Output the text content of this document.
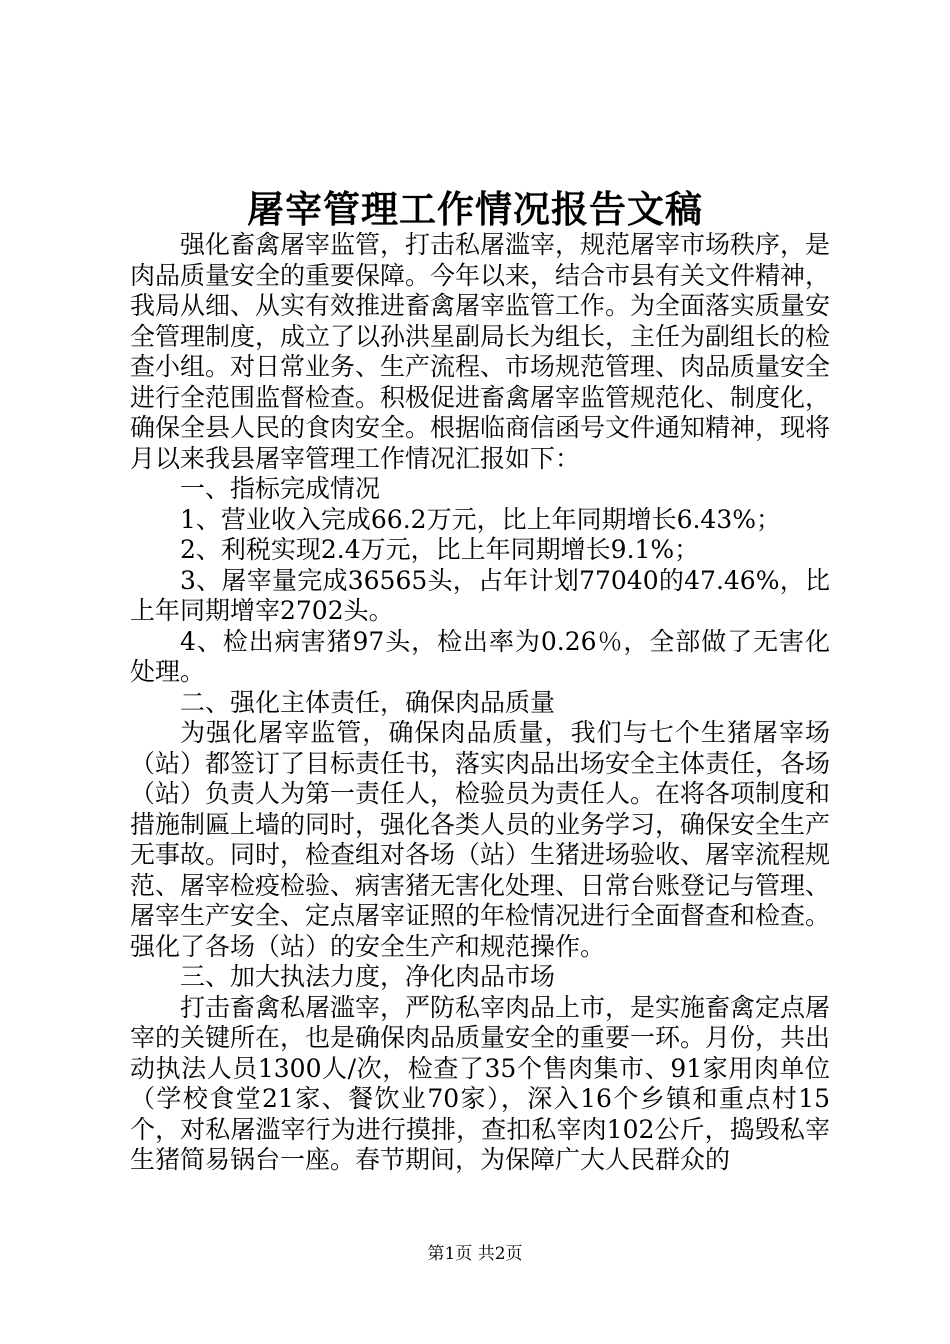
屠宰管理工作情况报告文稿

强化畜禽屠宰监管，打击私屠滥宰，规范屠宰市场秩序，是肉品质量安全的重要保障。今年以来，结合市县有关文件精神，我局从细、从实有效推进畜禽屠宰监管工作。为全面落实质量安全管理制度，成立了以孙洪星副局长为组长，主任为副组长的检查小组。对日常业务、生产流程、市场规范管理、肉品质量安全进行全范围监督检查。积极促进畜禽屠宰监管规范化、制度化，确保全县人民的食肉安全。根据临商信函号文件通知精神，现将月以来我县屠宰管理工作情况汇报如下：

一、指标完成情况

1、营业收入完成66.2万元，比上年同期增长6.43%；

2、利税实现2.4万元，比上年同期增长9.1%；

3、屠宰量完成36565头，占年计划77040的47.46%，比上年同期增宰2702头。

4、检出病害猪97头，检出率为0.26％，全部做了无害化处理。

二、强化主体责任，确保肉品质量

为强化屠宰监管，确保肉品质量，我们与七个生猪屠宰场（站）都签订了目标责任书，落实肉品出场安全主体责任，各场（站）负责人为第一责任人，检验员为责任人。在将各项制度和措施制匾上墙的同时，强化各类人员的业务学习，确保安全生产无事故。同时，检查组对各场（站）生猪进场验收、屠宰流程规范、屠宰检疫检验、病害猪无害化处理、日常台账登记与管理、屠宰生产安全、定点屠宰证照的年检情况进行全面督查和检查。强化了各场（站）的安全生产和规范操作。

三、加大执法力度，净化肉品市场

打击畜禽私屠滥宰，严防私宰肉品上市，是实施畜禽定点屠宰的关键所在，也是确保肉品质量安全的重要一环。月份，共出动执法人员1300人/次，检查了35个售肉集市、91家用肉单位（学校食堂21家、餐饮业70家），深入16个乡镇和重点村15个，对私屠滥宰行为进行摸排，查扣私宰肉102公斤，捣毁私宰生猪简易锅台一座。春节期间，为保障广大人民群众的

第1页 共2页
